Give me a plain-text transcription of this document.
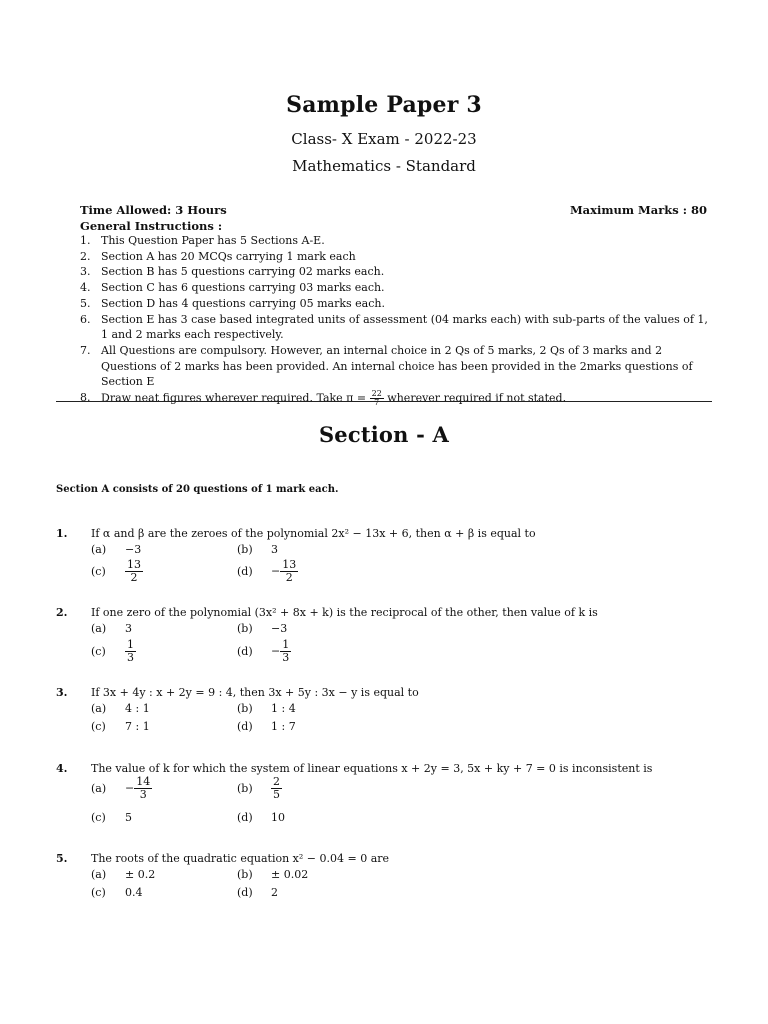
Sample Paper 3
Class- X Exam - 2022-23
Mathematics - Standard
Time Allowed: 3 Hours	Maximum Marks : 80
General Instructions :
1. This Question Paper has 5 Sections A-E.
2. Section A has 20 MCQs carrying 1 mark each
3. Section B has 5 questions carrying 02 marks each.
4. Section C has 6 questions carrying 03 marks each.
5. Section D has 4 questions carrying 05 marks each.
6. Section E has 3 case based integrated units of assessment (04 marks each) with sub-parts of the values of 1, 1 and 2 marks each respectively.
7. All Questions are compulsory. However, an internal choice in 2 Qs of 5 marks, 2 Qs of 3 marks and 2 Questions of 2 marks has been provided. An internal choice has been provided in the 2marks questions of Section E
8. Draw neat figures wherever required. Take $\pi = \frac{22}{7}$ wherever required if not stated.
Section - A
Section A consists of 20 questions of 1 mark each.
1. If α and β are the zeroes of the polynomial 2x² − 13x + 6, then α + β is equal to
(a) −3	(b) 3
$(c) \frac{13}{2}$	$(d) - \frac{13}{2}$
2. If one zero of the polynomial (3x² + 8x + k) is the reciprocal of the other, then value of k is
(a) 3	(b) −3
$(c) \frac{1}{3}$	$(d) - \frac{1}{3}$
3. If 3x + 4y : x + 2y = 9 : 4, then 3x + 5y : 3x − y is equal to
(a) 4 : 1	(b) 1 : 4
(c) 7 : 1	(d) 1 : 7
4. The value of k for which the system of linear equations x + 2y = 3, 5x + ky + 7 = 0 is inconsistent is
$(a) - \frac{14}{3}$	$(b) \frac{2}{5}$
(c) 5	(d) 10
5. The roots of the quadratic equation x² − 0.04 = 0 are
(a) ± 0.2	(b) ± 0.02
(c) 0.4	(d) 2
